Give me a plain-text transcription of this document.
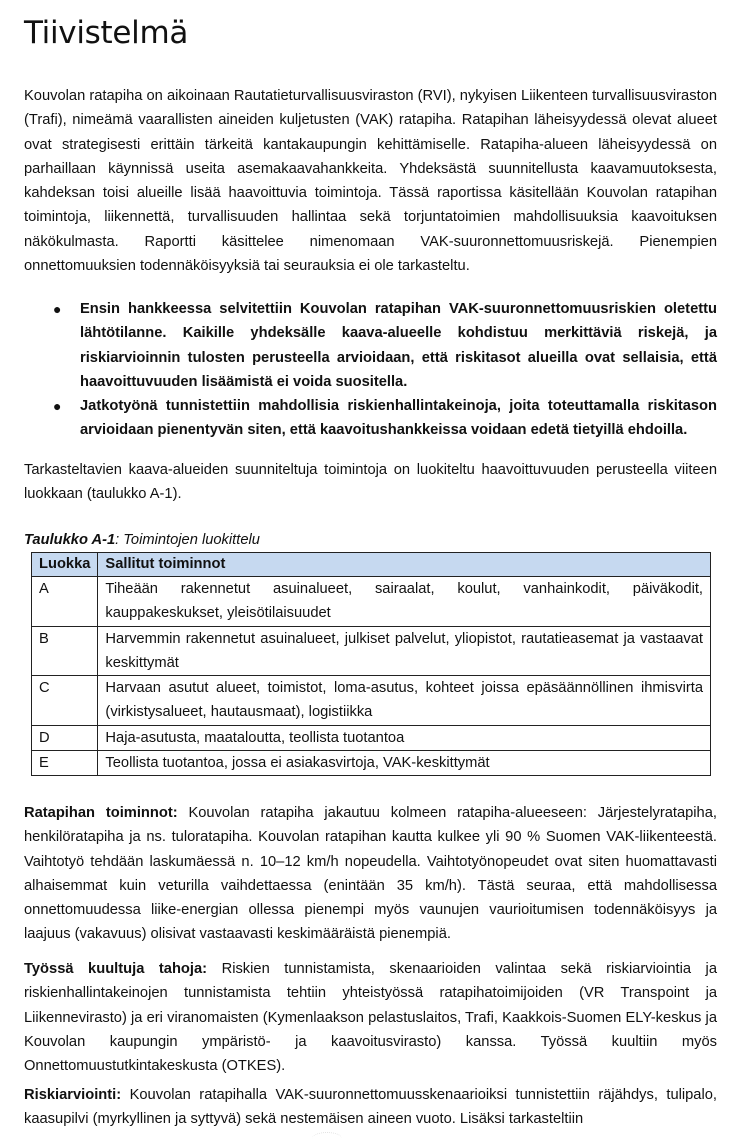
Tiivistelmä

Kouvolan ratapiha on aikoinaan Rautatieturvallisuusviraston (RVI), nykyisen Liikenteen turvallisuusviraston (Trafi), nimeämä vaarallisten aineiden kuljetusten (VAK) ratapiha. Ratapihan läheisyydessä olevat alueet ovat strategisesti erittäin tärkeitä kantakaupungin kehittämiselle. Ratapiha-alueen läheisyydessä on parhaillaan käynnissä useita asemakaavahankkeita. Yhdeksästä suunnitellusta kaavamuutoksesta, kahdeksan toisi alueille lisää haavoittuvia toimintoja. Tässä raportissa käsitellään Kouvolan ratapihan toimintoja, liikennettä, turvallisuuden hallintaa sekä torjuntatoimien mahdollisuuksia kaavoituksen näkökulmasta. Raportti käsittelee nimenomaan VAK-suuronnettomuusriskejä. Pienempien onnettomuuksien todennäköisyyksiä tai seurauksia ei ole tarkasteltu.

● Ensin hankkeessa selvitettiin Kouvolan ratapihan VAK-suuronnettomuusriskien oletettu lähtötilanne. Kaikille yhdeksälle kaava-alueelle kohdistuu merkittäviä riskejä, ja riskiarvioinnin tulosten perusteella arvioidaan, että riskitasot alueilla ovat sellaisia, että haavoittuvuuden lisäämistä ei voida suositella.
● Jatkotyönä tunnistettiin mahdollisia riskienhallintakeinoja, joita toteuttamalla riskitason arvioidaan pienentyvän siten, että kaavoitushankkeissa voidaan edetä tietyillä ehdoilla.

Tarkasteltavien kaava-alueiden suunniteltuja toimintoja on luokiteltu haavoittuvuuden perusteella viiteen luokkaan (taulukko A-1).

Taulukko A-1: Toimintojen luokittelu
Luokka	Sallitut toiminnot
A	Tiheään rakennetut asuinalueet, sairaalat, koulut, vanhainkodit, päiväkodit, kauppakeskukset, yleisötilaisuudet
B	Harvemmin rakennetut asuinalueet, julkiset palvelut, yliopistot, rautatieasemat ja vastaavat keskittymät
C	Harvaan asutut alueet, toimistot, loma-asutus, kohteet joissa epäsäännöllinen ihmisvirta (virkistysalueet, hautausmaat), logistiikka
D	Haja-asutusta, maataloutta, teollista tuotantoa
E	Teollista tuotantoa, jossa ei asiakasvirtoja, VAK-keskittymät

Ratapihan toiminnot: Kouvolan ratapiha jakautuu kolmeen ratapiha-alueeseen: Järjestelyratapiha, henkilöratapiha ja ns. tuloratapiha. Kouvolan ratapihan kautta kulkee yli 90 % Suomen VAK-liikenteestä. Vaihtotyö tehdään laskumäessä n. 10–12 km/h nopeudella. Vaihtotyönopeudet ovat siten huomattavasti alhaisemmat kuin veturilla vaihdettaessa (enintään 35 km/h). Tästä seuraa, että mahdollisessa onnettomuudessa liike-energian ollessa pienempi myös vaunujen vaurioitumisen todennäköisyys ja laajuus (vakavuus) olisivat vastaavasti keskimääräistä pienempiä.

Työssä kuultuja tahoja: Riskien tunnistamista, skenaarioiden valintaa sekä riskiarviointia ja riskienhallintakeinojen tunnistamista tehtiin yhteistyössä ratapihatoimijoiden (VR Transpoint ja Liikennevirasto) ja eri viranomaisten (Kymenlaakson pelastuslaitos, Trafi, Kaakkois-Suomen ELY-keskus ja Kouvolan kaupungin ympäristö- ja kaavoitusvirasto) kanssa. Työssä kuultiin myös Onnettomuustutkintakeskusta (OTKES).

Riskiarviointi: Kouvolan ratapihalla VAK-suuronnettomuusskenaarioiksi tunnistettiin räjähdys, tulipalo, kaasupilvi (myrkyllinen ja syttyvä) sekä nestemäisen aineen vuoto. Lisäksi tarkasteltiin
